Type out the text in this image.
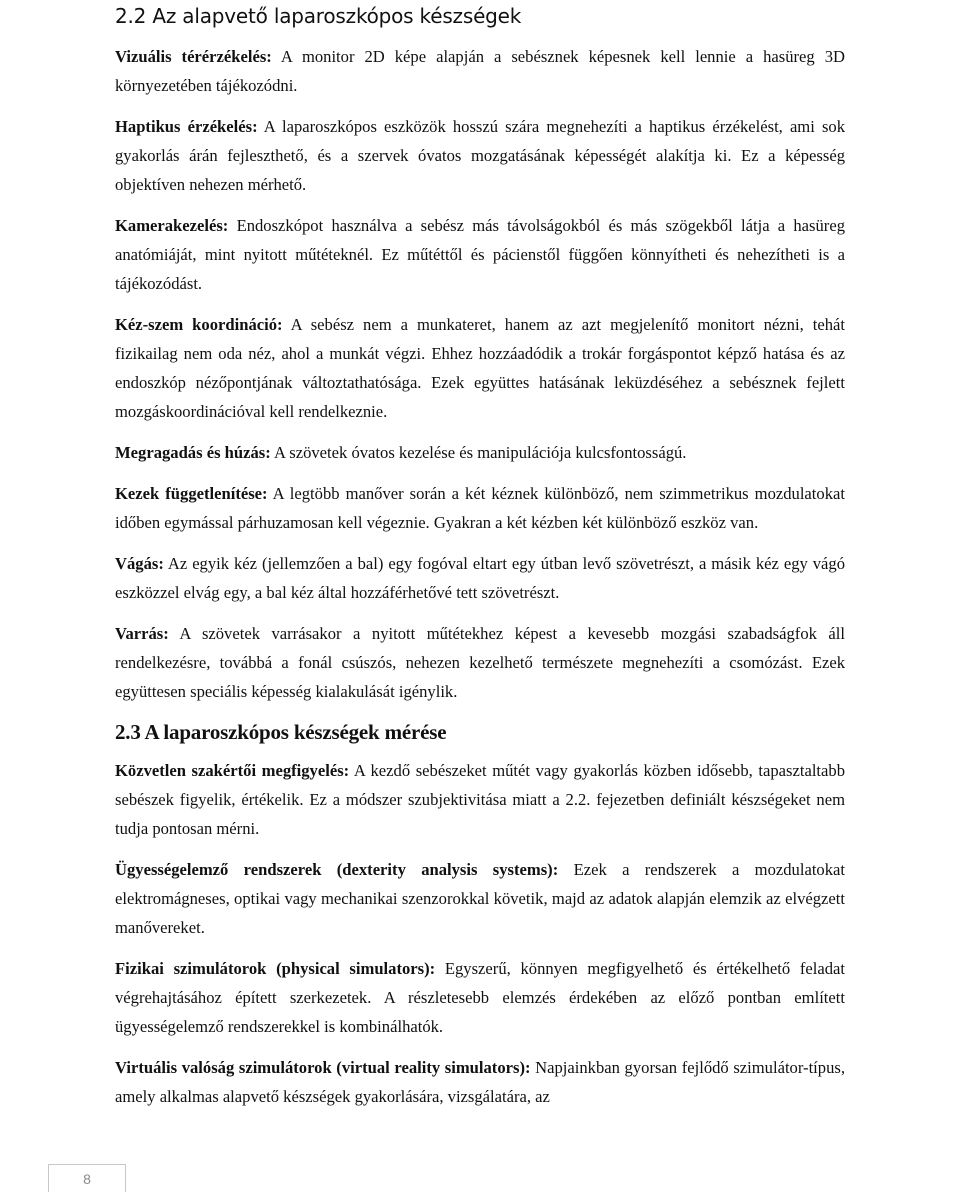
2.2 Az alapvető laparoszkópos készségek

Vizuális térérzékelés: A monitor 2D képe alapján a sebésznek képesnek kell lennie a hasüreg 3D környezetében tájékozódni.

Haptikus érzékelés: A laparoszkópos eszközök hosszú szára megnehezíti a haptikus érzékelést, ami sok gyakorlás árán fejleszthető, és a szervek óvatos mozgatásának képességét alakítja ki. Ez a képesség objektíven nehezen mérhető.

Kamerakezelés: Endoszkópot használva a sebész más távolságokból és más szögekből látja a hasüreg anatómiáját, mint nyitott műtéteknél. Ez műtéttől és pácienstől függően könnyítheti és nehezítheti is a tájékozódást.

Kéz-szem koordináció: A sebész nem a munkateret, hanem az azt megjelenítő monitort nézni, tehát fizikailag nem oda néz, ahol a munkát végzi. Ehhez hozzáadódik a trokár forgáspontot képző hatása és az endoszkóp nézőpontjának változtathatósága. Ezek együttes hatásának leküzdéséhez a sebésznek fejlett mozgáskoordinációval kell rendelkeznie.

Megragadás és húzás: A szövetek óvatos kezelése és manipulációja kulcsfontosságú.

Kezek függetlenítése: A legtöbb manőver során a két kéznek különböző, nem szimmetrikus mozdulatokat időben egymással párhuzamosan kell végeznie. Gyakran a két kézben két különböző eszköz van.

Vágás: Az egyik kéz (jellemzően a bal) egy fogóval eltart egy útban levő szövetrészt, a másik kéz egy vágó eszközzel elvág egy, a bal kéz által hozzáférhetővé tett szövetrészt.

Varrás: A szövetek varrásakor a nyitott műtétekhez képest a kevesebb mozgási szabadságfok áll rendelkezésre, továbbá a fonál csúszós, nehezen kezelhető természete megnehezíti a csomózást. Ezek együttesen speciális képesség kialakulását igénylik.

2.3 A laparoszkópos készségek mérése

Közvetlen szakértői megfigyelés: A kezdő sebészeket műtét vagy gyakorlás közben idősebb, tapasztaltabb sebészek figyelik, értékelik. Ez a módszer szubjektivitása miatt a 2.2. fejezetben definiált készségeket nem tudja pontosan mérni.

Ügyességelemző rendszerek (dexterity analysis systems): Ezek a rendszerek a mozdulatokat elektromágneses, optikai vagy mechanikai szenzorokkal követik, majd az adatok alapján elemzik az elvégzett manővereket.

Fizikai szimulátorok (physical simulators): Egyszerű, könnyen megfigyelhető és értékelhető feladat végrehajtásához épített szerkezetek. A részletesebb elemzés érdekében az előző pontban említett ügyességelemző rendszerekkel is kombinálhatók.

Virtuális valóság szimulátorok (virtual reality simulators): Napjainkban gyorsan fejlődő szimulátor-típus, amely alkalmas alapvető készségek gyakorlására, vizsgálatára, az

8
